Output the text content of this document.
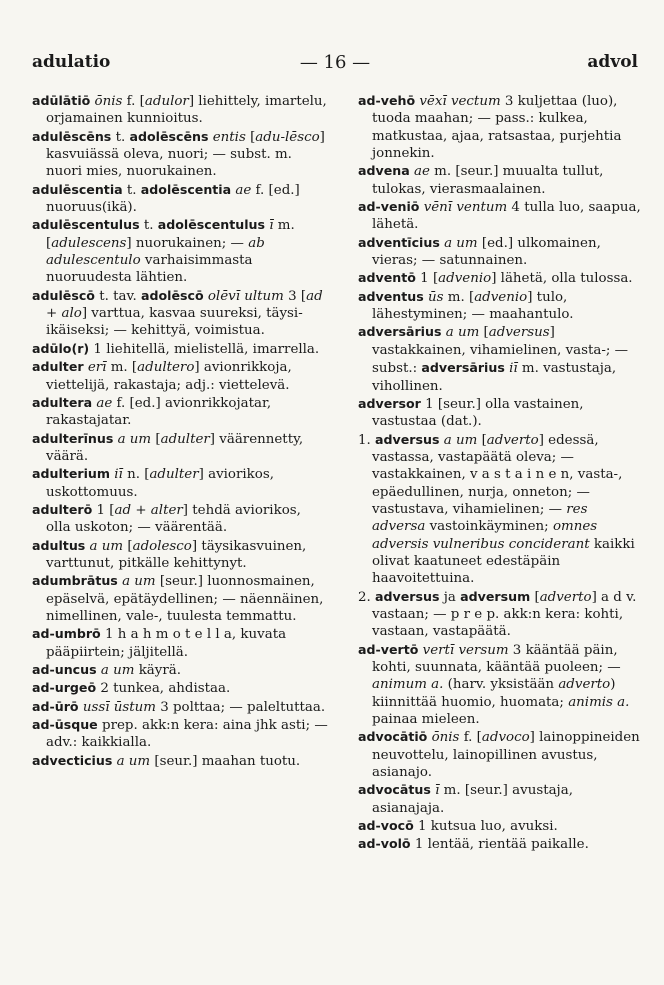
adulatio	— 16 —	advol

adūlātiō ōnis f. [adulor] liehittely, imartelu, orjamainen kunnioitus.

adulēscēns t. adolēscēns entis [adu-lēsco] kasvuiässä oleva, nuori; — subst. m. nuori mies, nuorukainen.

adulēscentia t. adolēscentia ae f. [ed.] nuoruus(ikä).

adulēscentulus t. adolēscentulus ī m. [adulescens] nuorukainen; — ab adulescentulo varhaisimmasta nuoruudesta lähtien.

adulēscō t. tav. adolēscō olēvī ultum 3 [ad + alo] varttua, kasvaa suureksi, täysi-ikäiseksi; — kehittyä, voimistua.

adūlo(r) 1 liehitellä, mielistellä, imarrella.

adulter erī m. [adultero] avionrikkoja, viettelijä, rakastaja; adj.: viettelevä.

adultera ae f. [ed.] avionrikkojatar, rakastajatar.

adulterīnus a um [adulter] väärennetty, väärä.

adulterium iī n. [adulter] aviorikos, uskottomuus.

adulterō 1 [ad + alter] tehdä aviorikos, olla uskoton; — väärentää.

adultus a um [adolesco] täysikasvuinen, varttunut, pitkälle kehittynyt.

adumbrātus a um [seur.] luonnosmainen, epäselvä, epätäydellinen; — näennäinen, nimellinen, vale-, tuulesta temmattu.

ad-umbrō 1 h a h m o t e l l a, kuvata pääpiirtein; jäljitellä.

ad-uncus a um käyrä.

ad-urgeō 2 tunkea, ahdistaa.

ad-ūrō ussī ūstum 3 polttaa; — paleltuttaa.

ad-ūsque prep. akk:n kera: aina jhk asti; — adv.: kaikkialla.

advecticius a um [seur.] maahan tuotu.

ad-vehō vēxī vectum 3 kuljettaa (luo), tuoda maahan; — pass.: kulkea, matkustaa, ajaa, ratsastaa, purjehtia jonnekin.

advena ae m. [seur.] muualta tullut, tulokas, vierasmaalainen.

ad-veniō vēnī ventum 4 tulla luo, saapua, lähetä.

adventīcius a um [ed.] ulkomainen, vieras; — satunnainen.

adventō 1 [advenio] lähetä, olla tulossa.

adventus ūs m. [advenio] tulo, lähestyminen; — maahantulo.

adversārius a um [adversus] vastakkainen, vihamielinen, vasta-; — subst.: adversārius iī m. vastustaja, vihollinen.

adversor 1 [seur.] olla vastainen, vastustaa (dat.).

1. adversus a um [adverto] edessä, vastassa, vastapäätä oleva; — vastakkainen, v a s t a i n e n, vasta-, epäedullinen, nurja, onneton; — vastustava, vihamielinen; — res adversa vastoinkäyminen; omnes adversis vulneribus conciderant kaikki olivat kaatuneet edestäpäin haavoitettuina.

2. adversus ja adversum [adverto] a d v. vastaan; — p r e p. akk:n kera: kohti, vastaan, vastapäätä.

ad-vertō vertī versum 3 kääntää päin, kohti, suunnata, kääntää puoleen; — animum a. (harv. yksistään adverto) kiinnittää huomio, huomata; animis a. painaa mieleen.

advocātiō ōnis f. [advoco] lainoppineiden neuvottelu, lainopillinen avustus, asianajo.

advocātus ī m. [seur.] avustaja, asianajaja.

ad-vocō 1 kutsua luo, avuksi.

ad-volō 1 lentää, rientää paikalle.
